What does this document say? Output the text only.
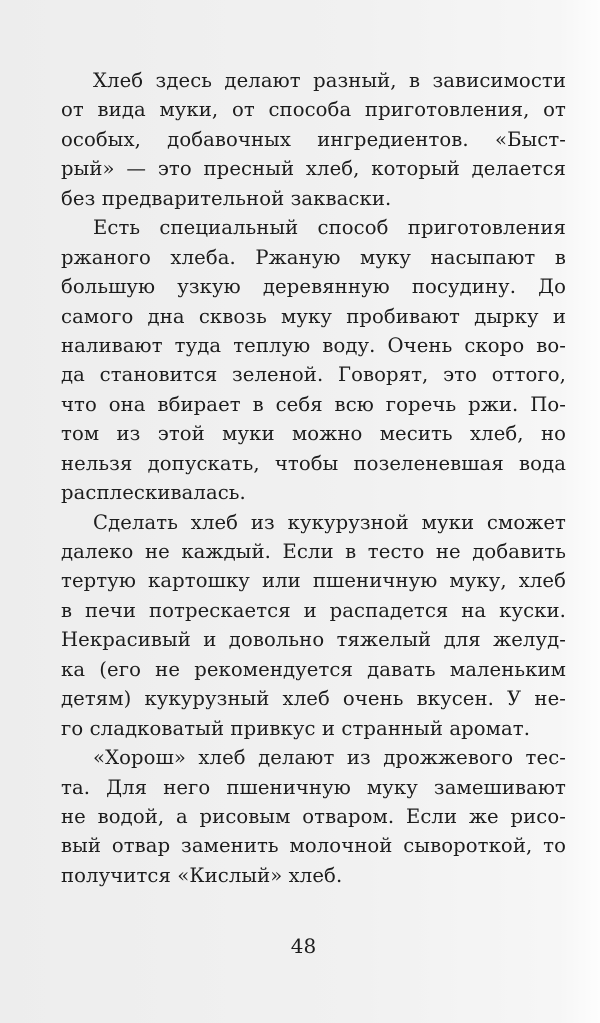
Хлеб здесь делают разный, в зависимости
от вида муки, от способа приготовления, от
особых, добавочных ингредиентов. «Быст-
рый» — это пресный хлеб, который делается
без предварительной закваски.
Есть специальный способ приготовления
ржаного хлеба. Ржаную муку насыпают в
большую узкую деревянную посудину. До
самого дна сквозь муку пробивают дырку и
наливают туда теплую воду. Очень скоро во-
да становится зеленой. Говорят, это оттого,
что она вбирает в себя всю горечь ржи. По-
том из этой муки можно месить хлеб, но
нельзя допускать, чтобы позеленевшая вода
расплескивалась.
Сделать хлеб из кукурузной муки сможет
далеко не каждый. Если в тесто не добавить
тертую картошку или пшеничную муку, хлеб
в печи потрескается и распадется на куски.
Некрасивый и довольно тяжелый для желуд-
ка (его не рекомендуется давать маленьким
детям) кукурузный хлеб очень вкусен. У не-
го сладковатый привкус и странный аромат.
«Хорош» хлеб делают из дрожжевого тес-
та. Для него пшеничную муку замешивают
не водой, а рисовым отваром. Если же рисо-
вый отвар заменить молочной сывороткой, то
получится «Кислый» хлеб.
48
